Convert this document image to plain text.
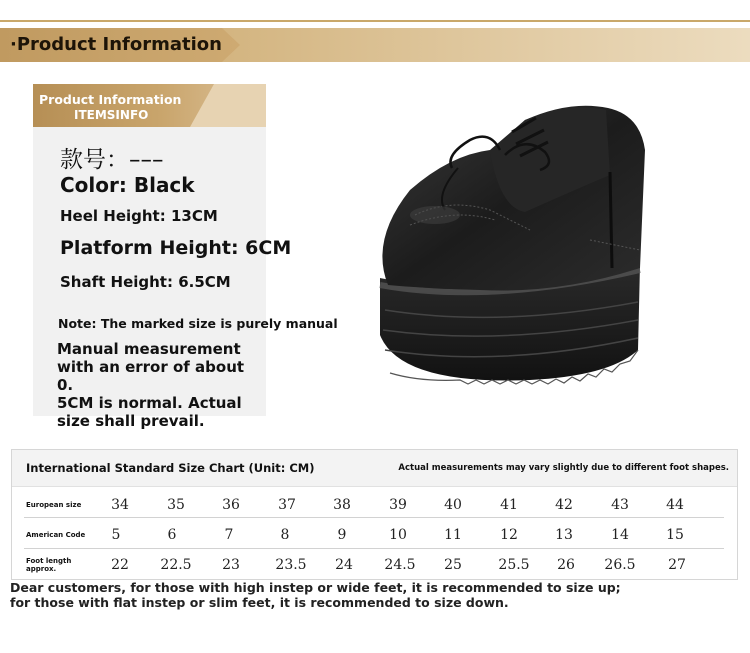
·Product Information
Product Information
ITEMSINFO
款号：–––
Color: Black
Heel Height: 13CM
Platform Height: 6CM
Shaft Height: 6.5CM
Note: The marked size is purely manual
Manual measurement
with an error of about 0.
5CM is normal. Actual
size shall prevail.
International Standard Size Chart (Unit: CM)	Actual measurements may vary slightly due to different foot shapes.
European size	34	35	36	37	38	39	40	41	42	43	44
American Code	5	6	7	8	9	10	11	12	13	14	15
Foot length approx.	22	22.5	23	23.5	24	24.5	25	25.5	26	26.5	27
Dear customers, for those with high instep or wide feet, it is recommended to size up;
for those with flat instep or slim feet, it is recommended to size down.
